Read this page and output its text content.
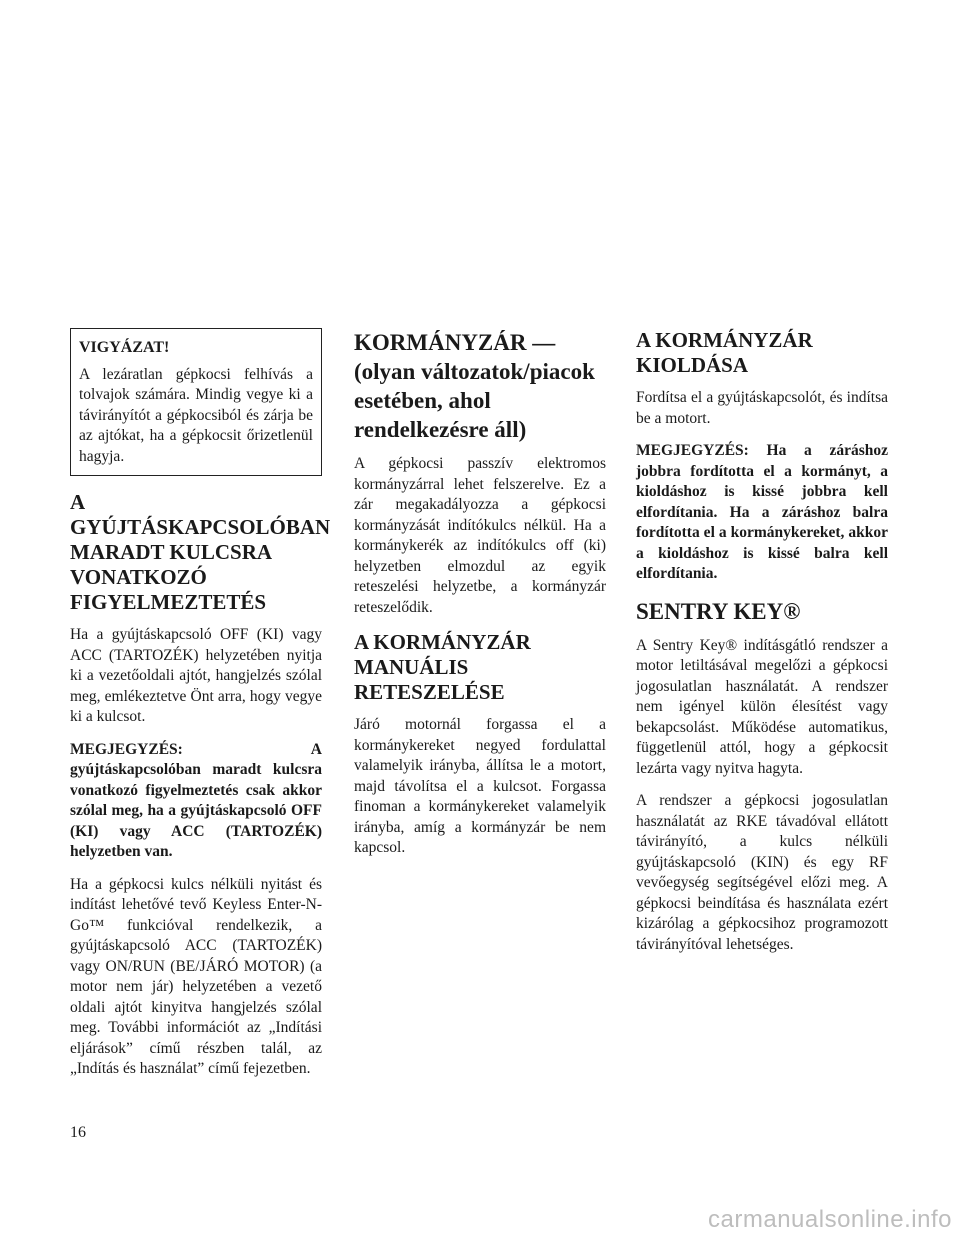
VIGYÁZAT!

A lezáratlan gépkocsi felhívás a tolvajok számára. Mindig vegye ki a távirányítót a gépkocsiból és zárja be az ajtókat, ha a gépkocsit őrizetlenül hagyja.

A GYÚJTÁSKAPCSOLÓBAN MARADT KULCSRA VONATKOZÓ FIGYELMEZTETÉS

Ha a gyújtáskapcsoló OFF (KI) vagy ACC (TARTOZÉK) helyzetében nyitja ki a vezetőoldali ajtót, hangjelzés szólal meg, emlékeztetve Önt arra, hogy vegye ki a kulcsot.

MEGJEGYZÉS: A gyújtáskapcsolóban maradt kulcsra vonatkozó figyelmeztetés csak akkor szólal meg, ha a gyújtáskapcsoló OFF (KI) vagy ACC (TARTOZÉK) helyzetben van.

Ha a gépkocsi kulcs nélküli nyitást és indítást lehetővé tevő Keyless Enter-N-Go™ funkcióval rendelkezik, a gyújtáskapcsoló ACC (TARTOZÉK) vagy ON/RUN (BE/JÁRÓ MOTOR) (a motor nem jár) helyzetében a vezető oldali ajtót kinyitva hangjelzés szólal meg. További információt az „Indítási eljárások” című részben talál, az „Indítás és használat” című fejezetben.

KORMÁNYZÁR — (olyan változatok/piacok esetében, ahol rendelkezésre áll)

A gépkocsi passzív elektromos kormányzárral lehet felszerelve. Ez a zár megakadályozza a gépkocsi kormányzását indítókulcs nélkül. Ha a kormánykerék az indítókulcs off (ki) helyzetben elmozdul az egyik reteszelési helyzetbe, a kormányzár reteszelődik.

A KORMÁNYZÁR MANUÁLIS RETESZELÉSE

Járó motornál forgassa el a kormánykereket negyed fordulattal valamelyik irányba, állítsa le a motort, majd távolítsa el a kulcsot. Forgassa finoman a kormánykereket valamelyik irányba, amíg a kormányzár be nem kapcsol.

A KORMÁNYZÁR KIOLDÁSA

Fordítsa el a gyújtáskapcsolót, és indítsa be a motort.

MEGJEGYZÉS: Ha a záráshoz jobbra fordította el a kormányt, a kioldáshoz is kissé jobbra kell elfordítania. Ha a záráshoz balra fordította el a kormánykereket, akkor a kioldáshoz is kissé balra kell elfordítania.

SENTRY KEY®

A Sentry Key® indításgátló rendszer a motor letiltásával megelőzi a gépkocsi jogosulatlan használatát. A rendszer nem igényel külön élesítést vagy bekapcsolást. Működése automatikus, függetlenül attól, hogy a gépkocsit lezárta vagy nyitva hagyta.

A rendszer a gépkocsi jogosulatlan használatát az RKE távadóval ellátott távirányító, a kulcs nélküli gyújtáskapcsoló (KIN) és egy RF vevőegység segítségével előzi meg. A gépkocsi beindítása és használata ezért kizárólag a gépkocsihoz programozott távirányítóval lehetséges.

16
carmanualsonline.info
